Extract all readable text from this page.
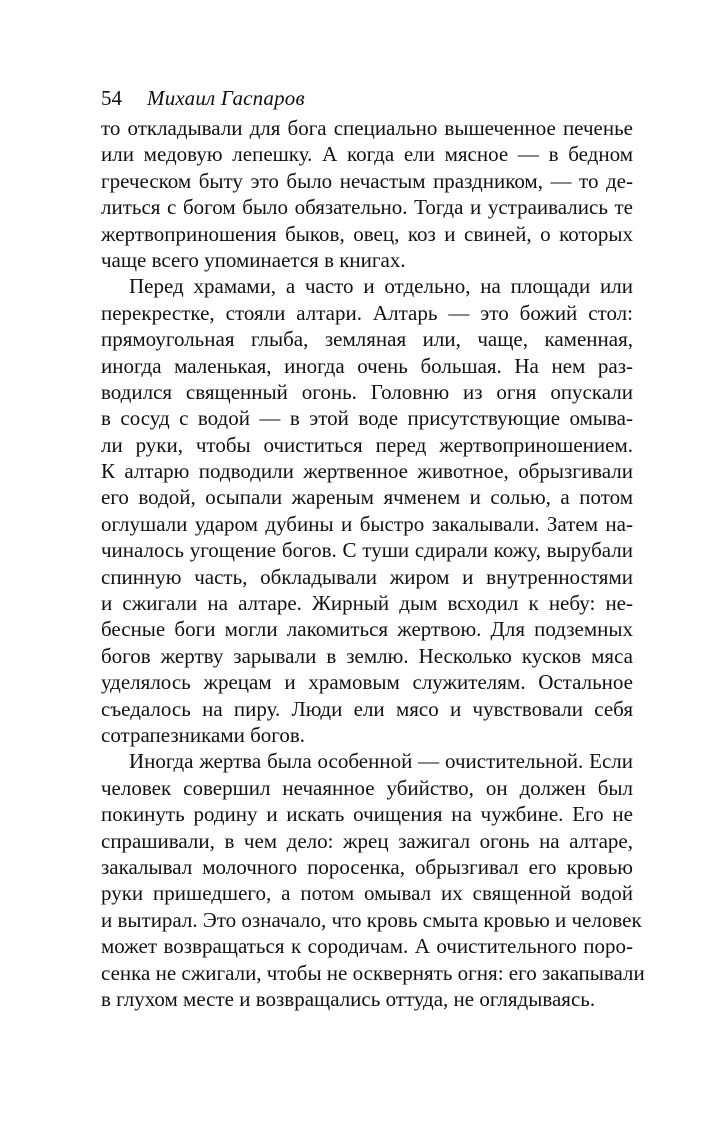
54 Михаил Гаспаров
то откладывали для бога специально вышеченное печенье
или медовую лепешку. А когда ели мясное — в бедном
греческом быту это было нечастым праздником, — то де-
литься с богом было обязательно. Тогда и устраивались те
жертвоприношения быков, овец, коз и свиней, о которых
чаще всего упоминается в книгах.
Перед храмами, а часто и отдельно, на площади или
перекрестке, стояли алтари. Алтарь — это божий стол:
прямоугольная глыба, земляная или, чаще, каменная,
иногда маленькая, иногда очень большая. На нем раз-
водился священный огонь. Головню из огня опускали
в сосуд с водой — в этой воде присутствующие омыва-
ли руки, чтобы очиститься перед жертвоприношением.
К алтарю подводили жертвенное животное, обрызгивали
его водой, осыпали жареным ячменем и солью, а потом
оглушали ударом дубины и быстро закалывали. Затем на-
чиналось угощение богов. С туши сдирали кожу, вырубали
спинную часть, обкладывали жиром и внутренностями
и сжигали на алтаре. Жирный дым всходил к небу: не-
бесные боги могли лакомиться жертвою. Для подземных
богов жертву зарывали в землю. Несколько кусков мяса
уделялось жрецам и храмовым служителям. Остальное
съедалось на пиру. Люди ели мясо и чувствовали себя
сотрапезниками богов.
Иногда жертва была особенной — очистительной. Если
человек совершил нечаянное убийство, он должен был
покинуть родину и искать очищения на чужбине. Его не
спрашивали, в чем дело: жрец зажигал огонь на алтаре,
закалывал молочного поросенка, обрызгивал его кровью
руки пришедшего, а потом омывал их священной водой
и вытирал. Это означало, что кровь смыта кровью и человек
может возвращаться к сородичам. А очистительного поро-
сенка не сжигали, чтобы не осквернять огня: его закапывали
в глухом месте и возвращались оттуда, не оглядываясь.
